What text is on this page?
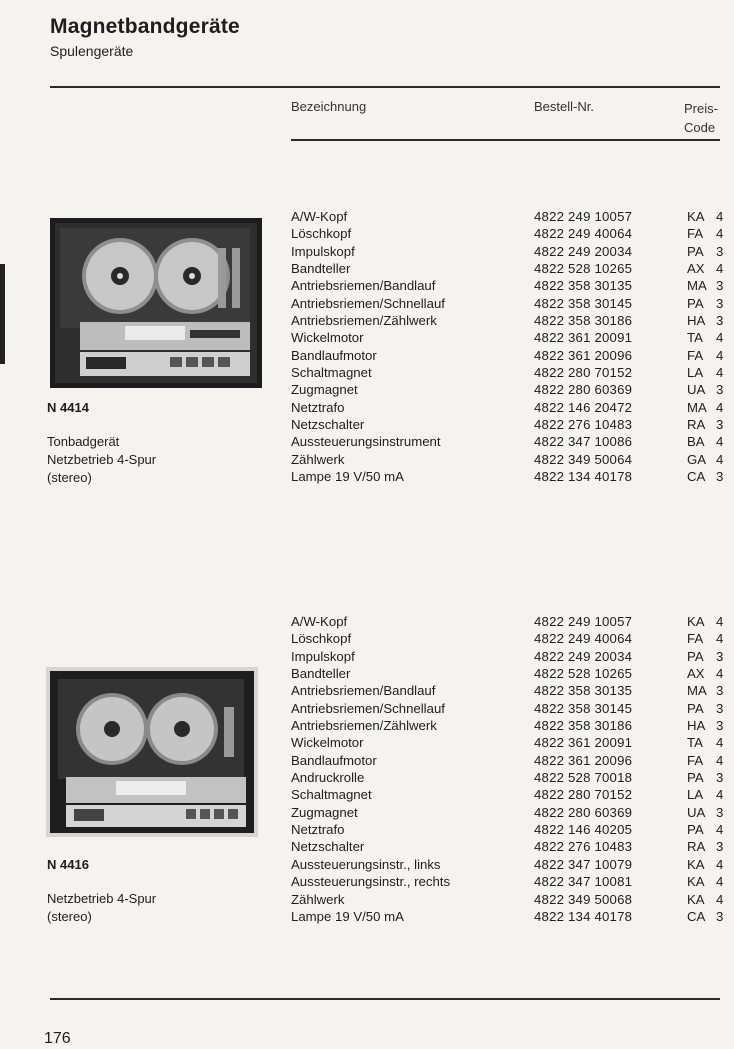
Magnetbandgeräte
Spulengeräte
Bezeichnung	Bestell-Nr.	Preis-
Code
N 4414
Tonbadgerät
Netzbetrieb 4-Spur
(stereo)
A/W-Kopf	4822 249 10057	KA 4
Löschkopf	4822 249 40064	FA 4
Impulskopf	4822 249 20034	PA 3
Bandteller	4822 528 10265	AX 4
Antriebsriemen/Bandlauf	4822 358 30135	MA 3
Antriebsriemen/Schnellauf	4822 358 30145	PA 3
Antriebsriemen/Zählwerk	4822 358 30186	HA 3
Wickelmotor	4822 361 20091	TA 4
Bandlaufmotor	4822 361 20096	FA 4
Schaltmagnet	4822 280 70152	LA 4
Zugmagnet	4822 280 60369	UA 3
Netztrafo	4822 146 20472	MA 4
Netzschalter	4822 276 10483	RA 3
Aussteuerungsinstrument	4822 347 10086	BA 4
Zählwerk	4822 349 50064	GA 4
Lampe 19 V/50 mA	4822 134 40178	CA 3
N 4416
Netzbetrieb 4-Spur
(stereo)
A/W-Kopf	4822 249 10057	KA 4
Löschkopf	4822 249 40064	FA 4
Impulskopf	4822 249 20034	PA 3
Bandteller	4822 528 10265	AX 4
Antriebsriemen/Bandlauf	4822 358 30135	MA 3
Antriebsriemen/Schnellauf	4822 358 30145	PA 3
Antriebsriemen/Zählwerk	4822 358 30186	HA 3
Wickelmotor	4822 361 20091	TA 4
Bandlaufmotor	4822 361 20096	FA 4
Andruckrolle	4822 528 70018	PA 3
Schaltmagnet	4822 280 70152	LA 4
Zugmagnet	4822 280 60369	UA 3
Netztrafo	4822 146 40205	PA 4
Netzschalter	4822 276 10483	RA 3
Aussteuerungsinstr., links	4822 347 10079	KA 4
Aussteuerungsinstr., rechts	4822 347 10081	KA 4
Zählwerk	4822 349 50068	KA 4
Lampe 19 V/50 mA	4822 134 40178	CA 3
176
